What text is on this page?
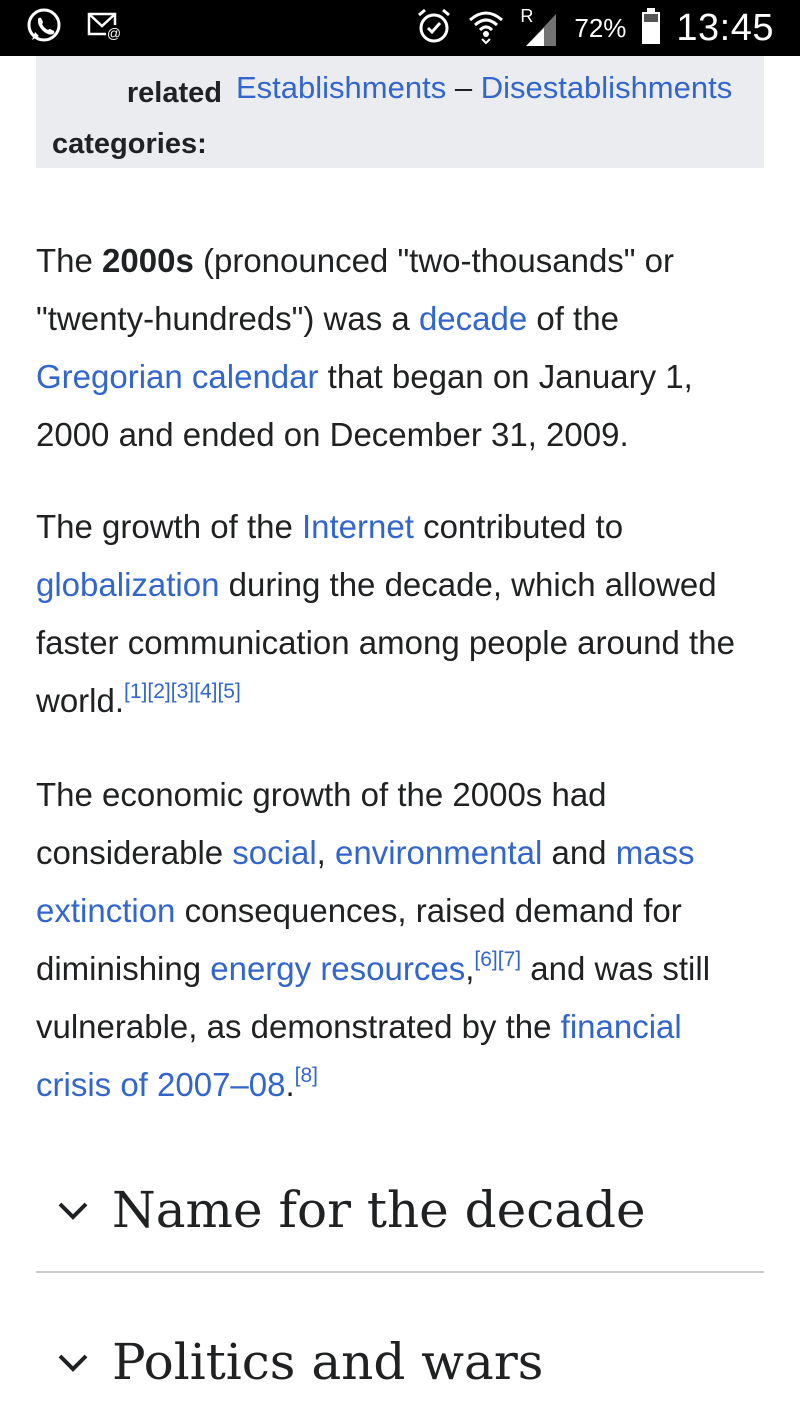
@
R 72% 13:45
related
categories:
Establishments – Disestablishments

The 2000s (pronounced "two-thousands" or "twenty-hundreds") was a decade of the Gregorian calendar that began on January 1, 2000 and ended on December 31, 2009.

The growth of the Internet contributed to globalization during the decade, which allowed faster communication among people around the world.[1][2][3][4][5]

The economic growth of the 2000s had considerable social, environmental and mass extinction consequences, raised demand for diminishing energy resources,[6][7] and was still vulnerable, as demonstrated by the financial crisis of 2007–08.[8]

Name for the decade
Politics and wars
